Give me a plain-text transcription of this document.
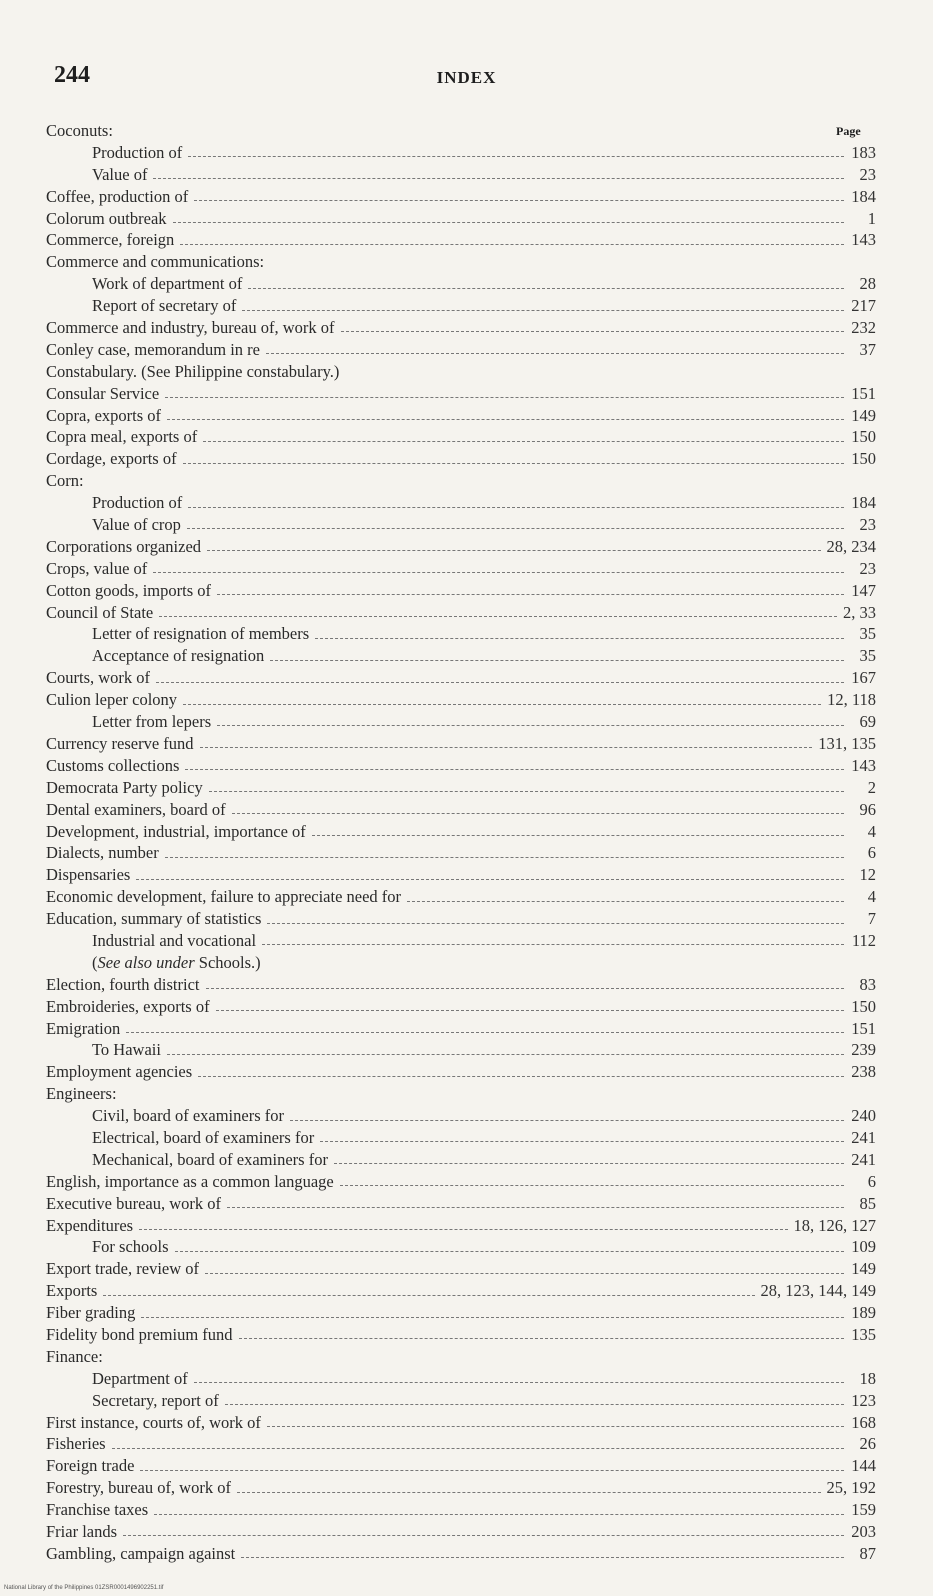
244	INDEX
Page
Coconuts:
Production of	183
Value of	23
Coffee, production of	184
Colorum outbreak	1
Commerce, foreign	143
Commerce and communications:
Work of department of	28
Report of secretary of	217
Commerce and industry, bureau of, work of	232
Conley case, memorandum in re	37
Constabulary. (See Philippine constabulary.)
Consular Service	151
Copra, exports of	149
Copra meal, exports of	150
Cordage, exports of	150
Corn:
Production of	184
Value of crop	23
Corporations organized	28, 234
Crops, value of	23
Cotton goods, imports of	147
Council of State	2, 33
Letter of resignation of members	35
Acceptance of resignation	35
Courts, work of	167
Culion leper colony	12, 118
Letter from lepers	69
Currency reserve fund	131, 135
Customs collections	143
Democrata Party policy	2
Dental examiners, board of	96
Development, industrial, importance of	4
Dialects, number	6
Dispensaries	12
Economic development, failure to appreciate need for	4
Education, summary of statistics	7
Industrial and vocational	112
(See also under Schools.)
Election, fourth district	83
Embroideries, exports of	150
Emigration	151
To Hawaii	239
Employment agencies	238
Engineers:
Civil, board of examiners for	240
Electrical, board of examiners for	241
Mechanical, board of examiners for	241
English, importance as a common language	6
Executive bureau, work of	85
Expenditures	18, 126, 127
For schools	109
Export trade, review of	149
Exports	28, 123, 144, 149
Fiber grading	189
Fidelity bond premium fund	135
Finance:
Department of	18
Secretary, report of	123
First instance, courts of, work of	168
Fisheries	26
Foreign trade	144
Forestry, bureau of, work of	25, 192
Franchise taxes	159
Friar lands	203
Gambling, campaign against	87
National Library of the Philippines 01ZSR0001496902251.tif
